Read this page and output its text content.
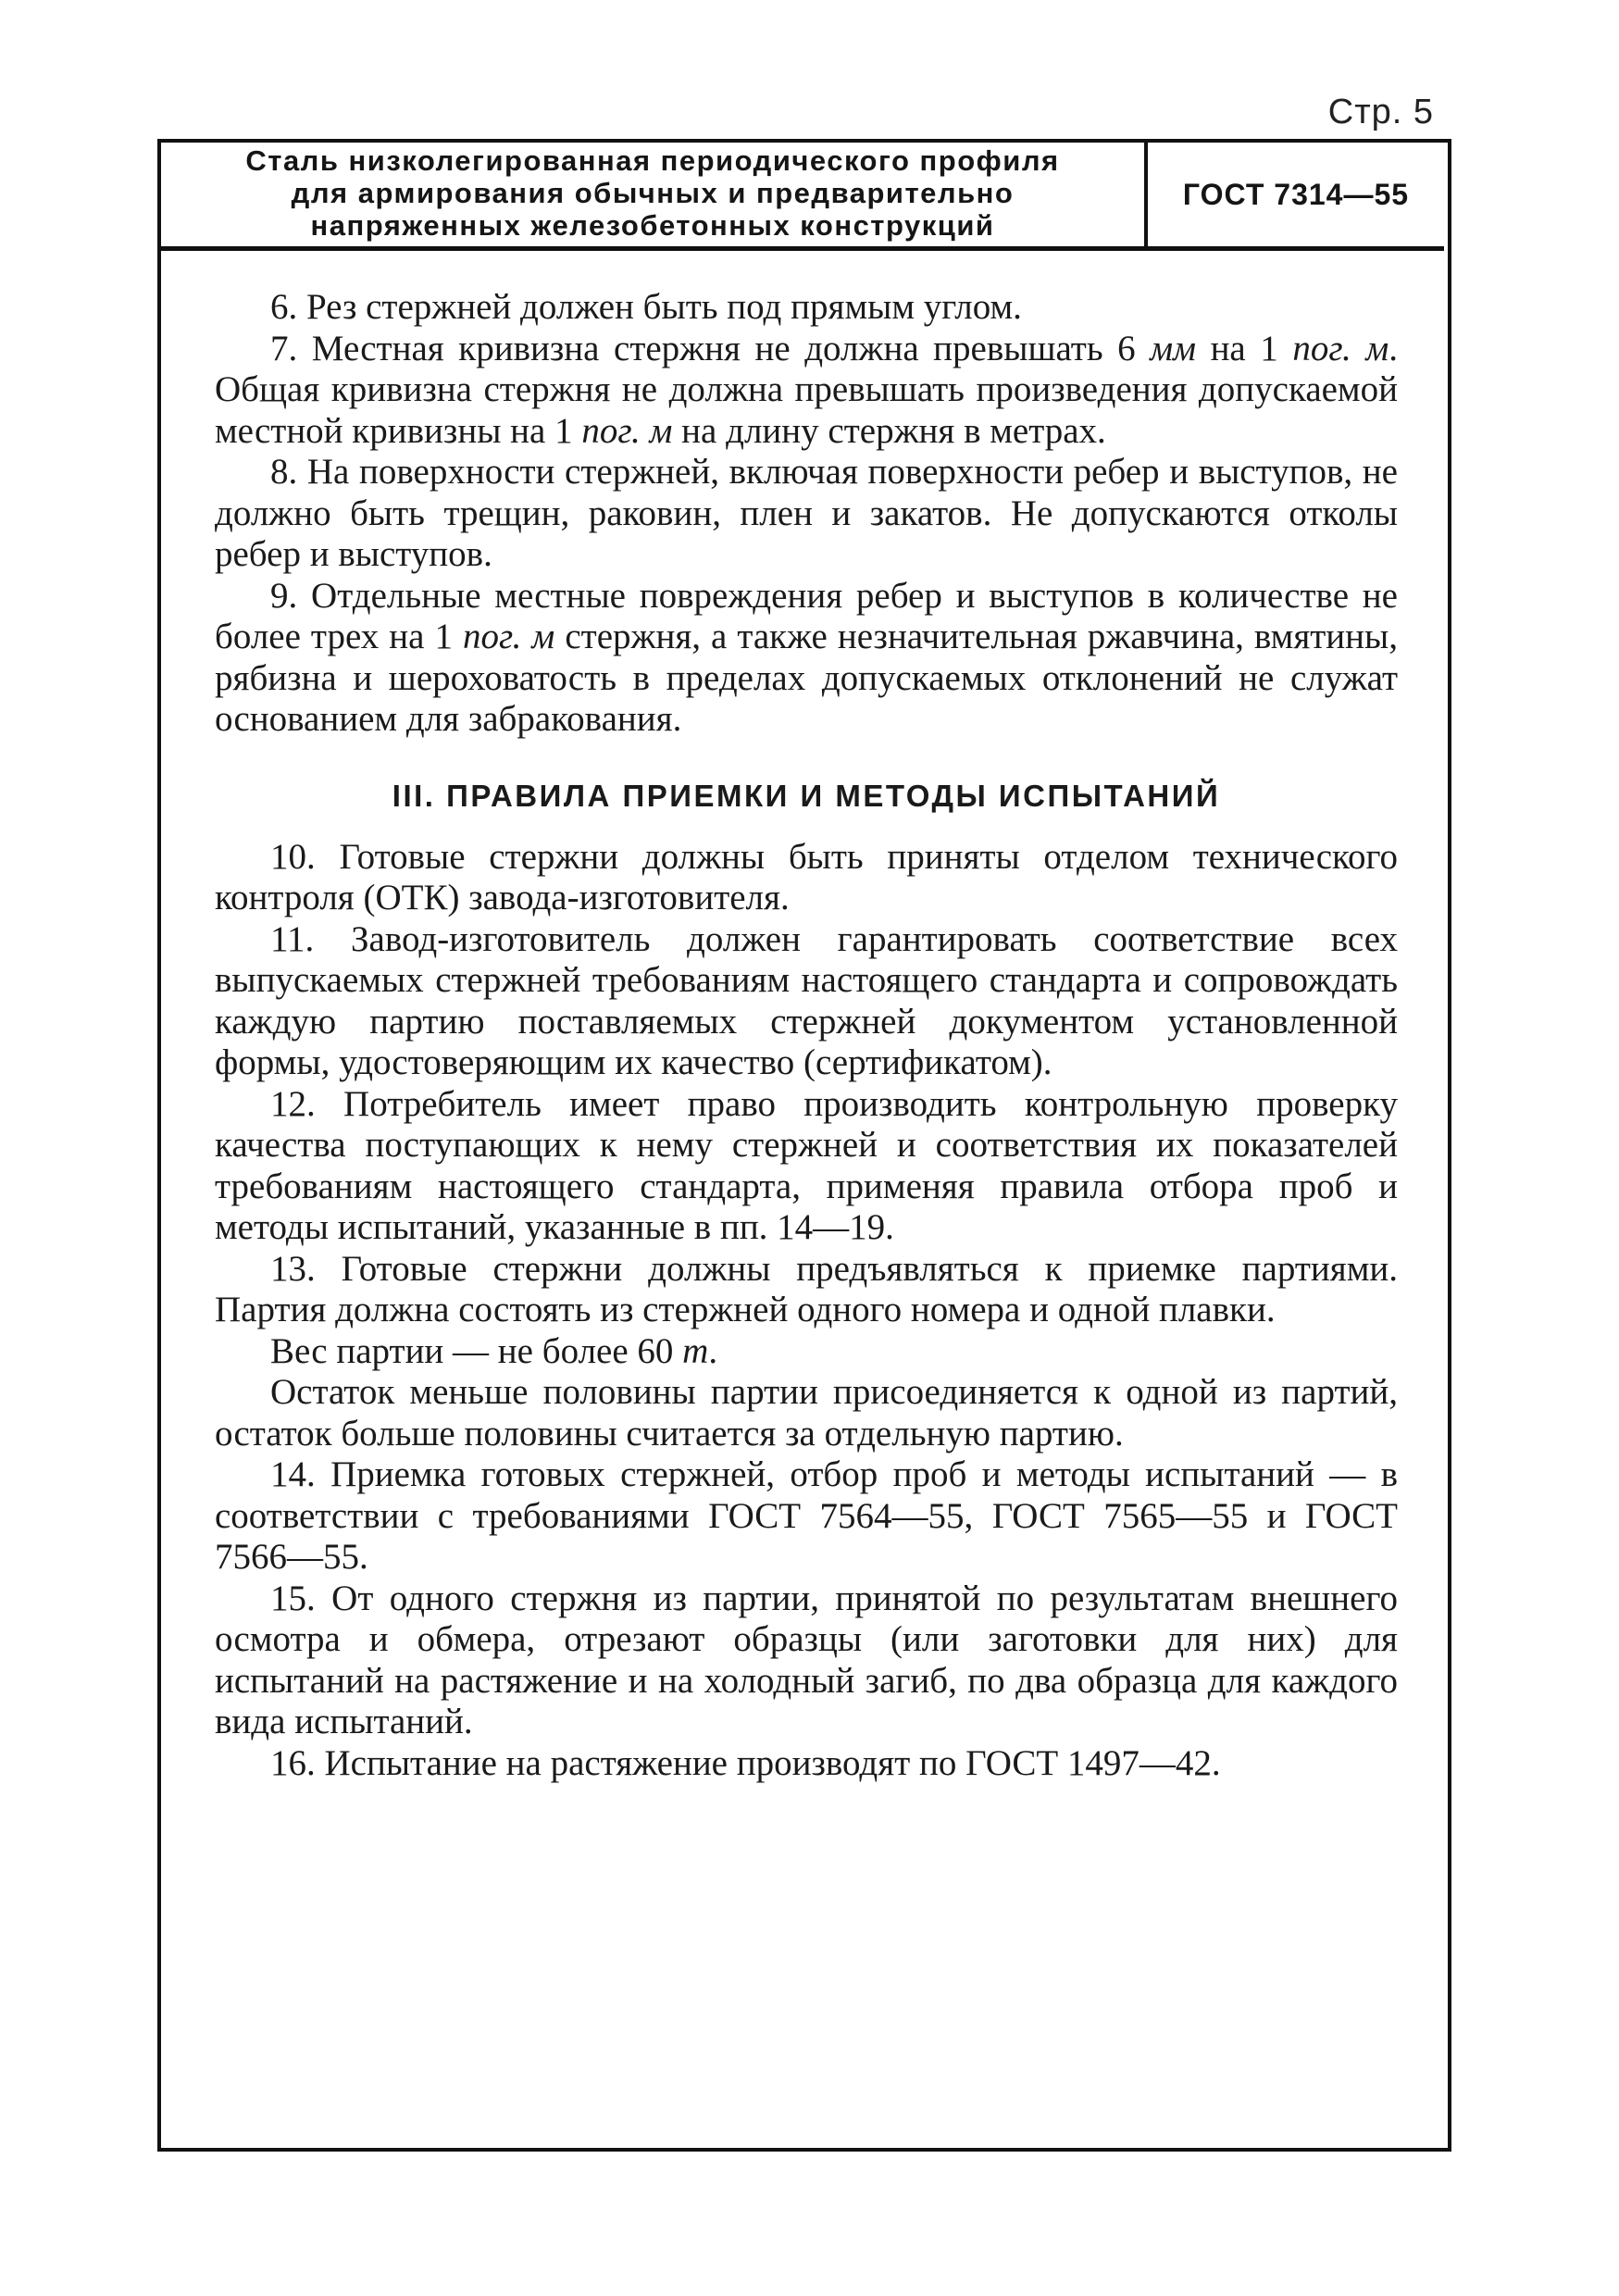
Стр. 5
Сталь низколегированная периодического профиля
для армирования обычных и предварительно
напряженных железобетонных конструкций
ГОСТ 7314—55

6. Рез стержней должен быть под прямым углом.

7. Местная кривизна стержня не должна превышать 6 мм на 1 пог. м. Общая кривизна стержня не должна превышать произведения допускаемой местной кривизны на 1 пог. м на длину стержня в метрах.

8. На поверхности стержней, включая поверхности ребер и выступов, не должно быть трещин, раковин, плен и закатов. Не допускаются отколы ребер и выступов.

9. Отдельные местные повреждения ребер и выступов в количестве не более трех на 1 пог. м стержня, а также незначительная ржавчина, вмятины, рябизна и шероховатость в пределах допускаемых отклонений не служат основанием для забракования.

III. ПРАВИЛА ПРИЕМКИ И МЕТОДЫ ИСПЫТАНИЙ

10. Готовые стержни должны быть приняты отделом технического контроля (ОТК) завода-изготовителя.

11. Завод-изготовитель должен гарантировать соответствие всех выпускаемых стержней требованиям настоящего стандарта и сопровождать каждую партию поставляемых стержней документом установленной формы, удостоверяющим их качество (сертификатом).

12. Потребитель имеет право производить контрольную проверку качества поступающих к нему стержней и соответствия их показателей требованиям настоящего стандарта, применяя правила отбора проб и методы испытаний, указанные в пп. 14—19.

13. Готовые стержни должны предъявляться к приемке партиями. Партия должна состоять из стержней одного номера и одной плавки.

Вес партии — не более 60 т.

Остаток меньше половины партии присоединяется к одной из партий, остаток больше половины считается за отдельную партию.

14. Приемка готовых стержней, отбор проб и методы испытаний — в соответствии с требованиями ГОСТ 7564—55, ГОСТ 7565—55 и ГОСТ 7566—55.

15. От одного стержня из партии, принятой по результатам внешнего осмотра и обмера, отрезают образцы (или заготовки для них) для испытаний на растяжение и на холодный загиб, по два образца для каждого вида испытаний.

16. Испытание на растяжение производят по ГОСТ 1497—42.
